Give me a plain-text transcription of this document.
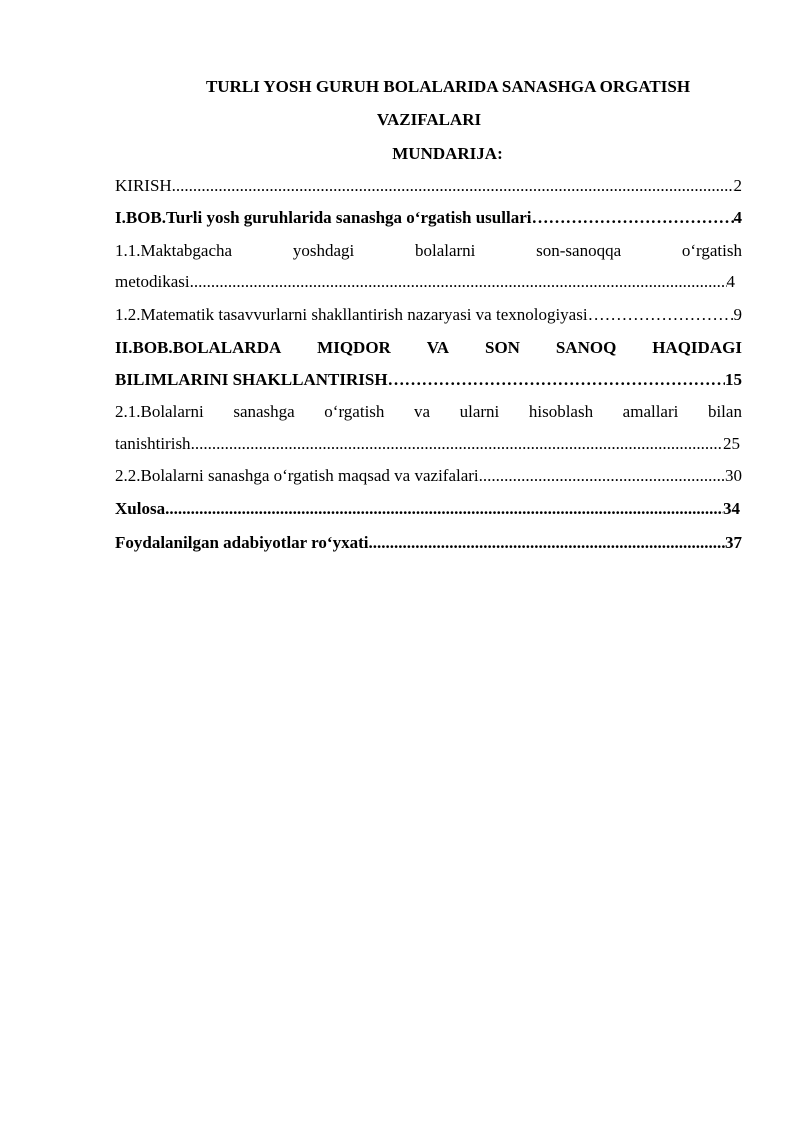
TURLI YOSH GURUH BOLALARIDA SANASHGA ORGATISH
VAZIFALARI
MUNDARIJA:
KIRISH	2
.....
I.BOB.Turli yosh guruhlarida sanashga o‘rgatish usullari	4
……………………………………………………………………………………………………………………………………………………
1.1.Maktabgacha	yoshdagi	bolalarni	son-sanoqqa	o‘rgatish
metodikasi	4
.....
1.2.Matematik tasavvurlarni shakllantirish nazaryasi va texnologiyasi	9
……………………………………………………………………………………………………………………………………………………
II.BOB.BOLALARDA MIQDOR VA SON SANOQ HAQIDAGI
BILIMLARINI SHAKLLANTIRISH	15
……………………………………………………………………………………………………………………………………………………
2.1.Bolalarni sanashga o‘rgatish va ularni hisoblash amallari bilan
tanishtirish	25
.....
2.2.Bolalarni sanashga o‘rgatish maqsad va vazifalari	30
.....
Xulosa	34
.....
Foydalanilgan adabiyotlar ro‘yxati	37
.....
